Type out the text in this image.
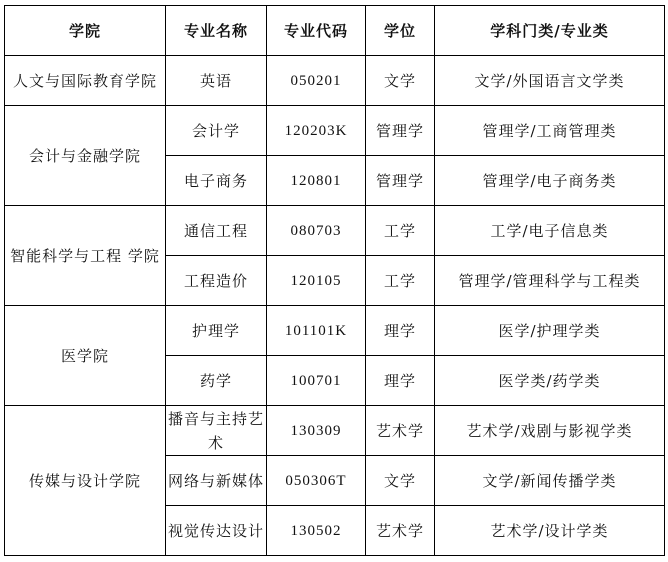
学院	专业名称	专业代码	学位	学科门类/专业类
人文与国际教育学院	英语	050201	文学	文学/外国语言文学类
会计与金融学院	会计学	120203K	管理学	管理学/工商管理类
	电子商务	120801	管理学	管理学/电子商务类
智能科学与工程 学院	通信工程	080703	工学	工学/电子信息类
	工程造价	120105	工学	管理学/管理科学与工程类
医学院	护理学	101101K	理学	医学/护理学类
	药学	100701	理学	医学类/药学类
传媒与设计学院	播音与主持艺术	130309	艺术学	艺术学/戏剧与影视学类
	网络与新媒体	050306T	文学	文学/新闻传播学类
	视觉传达设计	130502	艺术学	艺术学/设计学类
